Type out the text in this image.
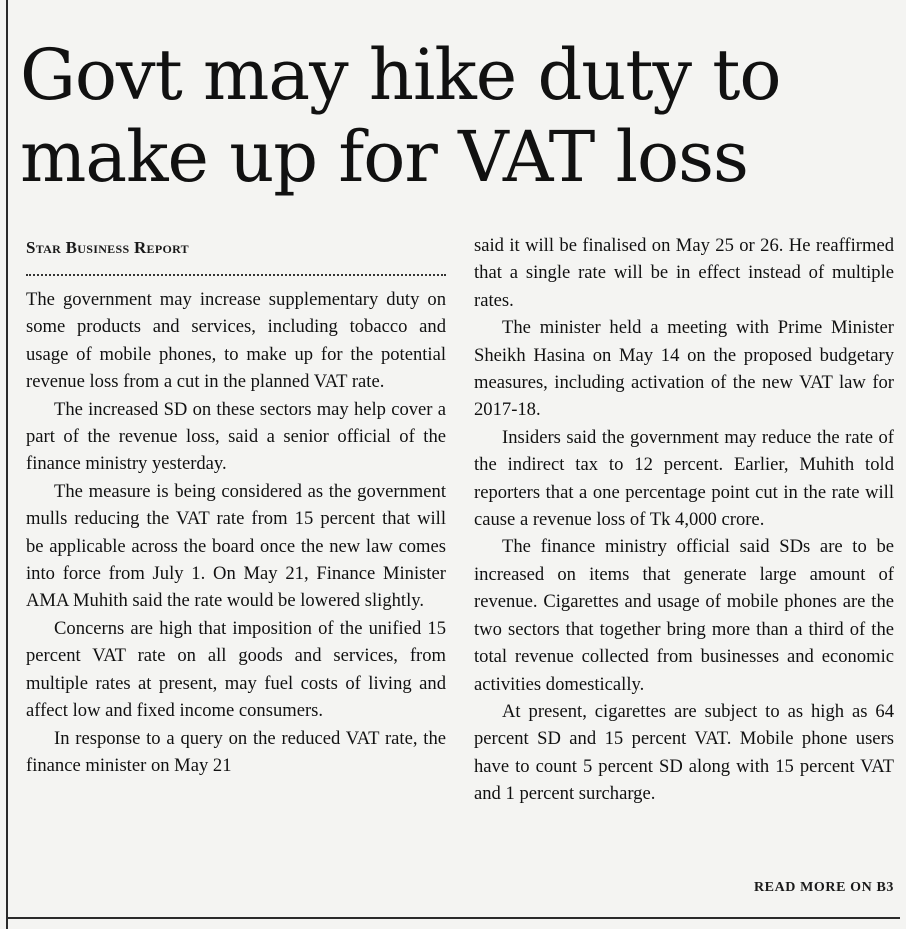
Govt may hike duty to
make up for VAT loss
Star Business Report

The government may increase supplementary duty on some products and services, including tobacco and usage of mobile phones, to make up for the potential revenue loss from a cut in the planned VAT rate.

The increased SD on these sectors may help cover a part of the revenue loss, said a senior official of the finance ministry yesterday.

The measure is being considered as the government mulls reducing the VAT rate from 15 percent that will be applicable across the board once the new law comes into force from July 1. On May 21, Finance Minister AMA Muhith said the rate would be lowered slightly.

Concerns are high that imposition of the unified 15 percent VAT rate on all goods and services, from multiple rates at present, may fuel costs of living and affect low and fixed income consumers.

In response to a query on the reduced VAT rate, the finance minister on May 21

said it will be finalised on May 25 or 26. He reaffirmed that a single rate will be in effect instead of multiple rates.

The minister held a meeting with Prime Minister Sheikh Hasina on May 14 on the proposed budgetary measures, including activation of the new VAT law for 2017-18.

Insiders said the government may reduce the rate of the indirect tax to 12 percent. Earlier, Muhith told reporters that a one percentage point cut in the rate will cause a revenue loss of Tk 4,000 crore.

The finance ministry official said SDs are to be increased on items that generate large amount of revenue. Cigarettes and usage of mobile phones are the two sectors that together bring more than a third of the total revenue collected from businesses and economic activities domestically.

At present, cigarettes are subject to as high as 64 percent SD and 15 percent VAT. Mobile phone users have to count 5 percent SD along with 15 percent VAT and 1 percent surcharge.

READ MORE ON B3
